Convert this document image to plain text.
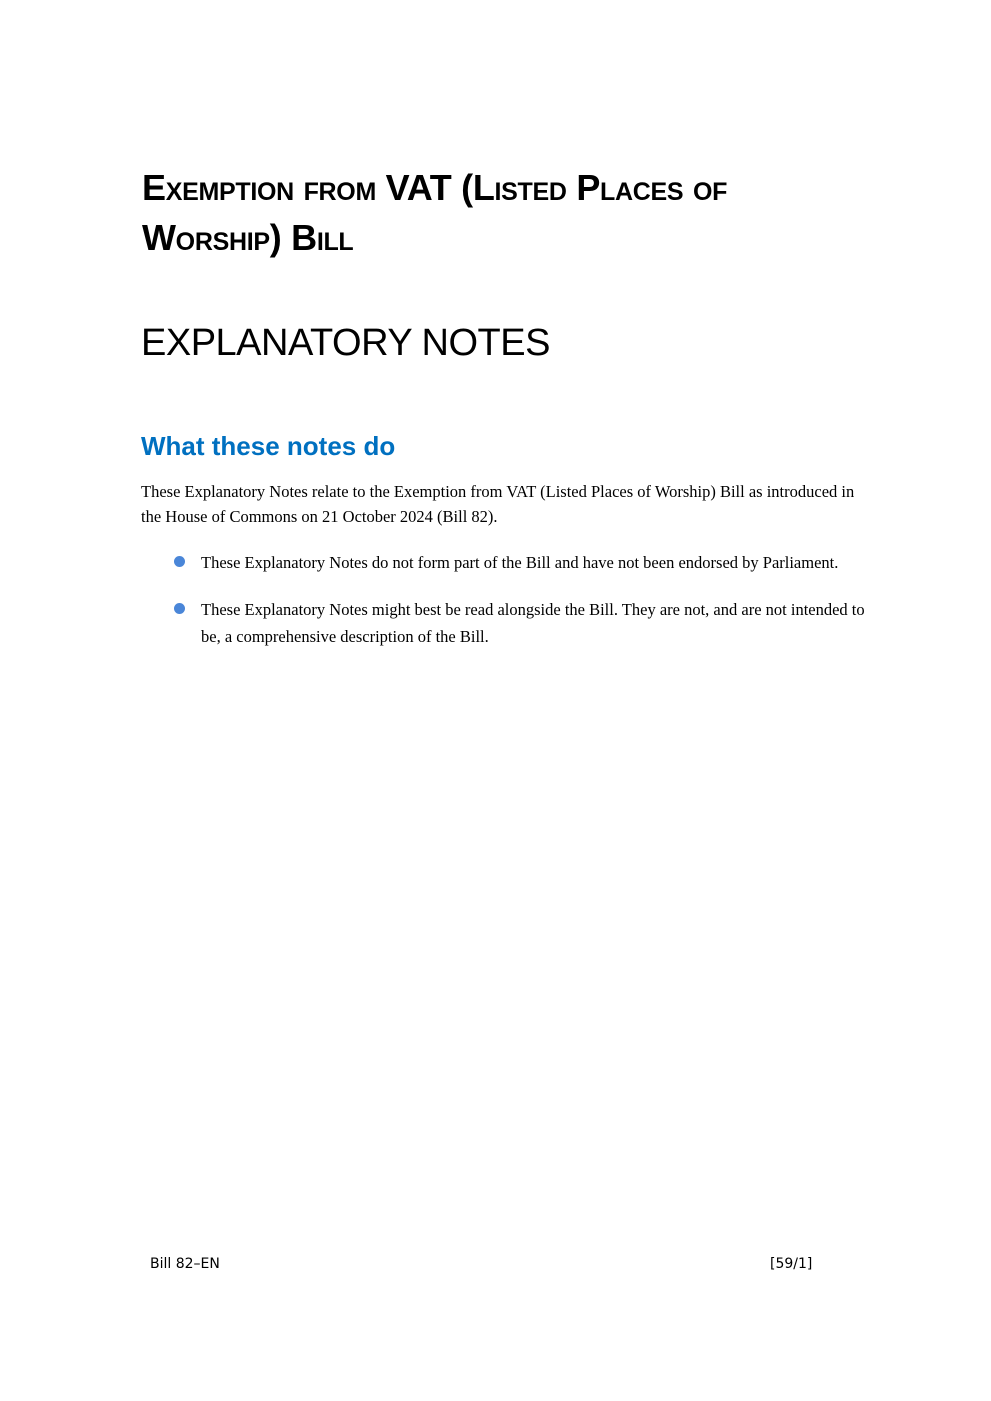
Exemption from VAT (Listed Places of Worship) Bill
EXPLANATORY NOTES
What these notes do

These Explanatory Notes relate to the Exemption from VAT (Listed Places of Worship) Bill as introduced in the House of Commons on 21 October 2024 (Bill 82).

These Explanatory Notes do not form part of the Bill and have not been endorsed by Parliament.
These Explanatory Notes might best be read alongside the Bill. They are not, and are not intended to be, a comprehensive description of the Bill.
Bill 82–EN	[59/1]
